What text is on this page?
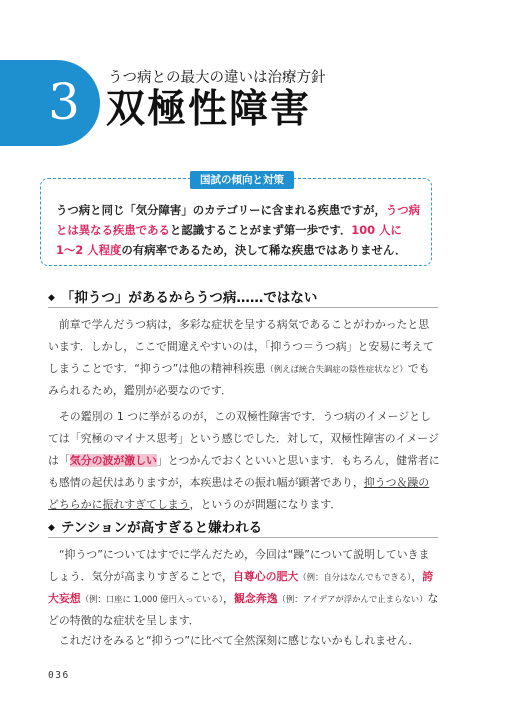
3	うつ病との最大の違いは治療方針
双極性障害
国試の傾向と対策
うつ病と同じ「気分障害」のカテゴリーに含まれる疾患ですが，うつ病とは異なる疾患であると認識することがまず第一歩です．100 人に 1〜2 人程度の有病率であるため，決して稀な疾患ではありません．
◆ 「抑うつ」があるからうつ病……ではない
　前章で学んだうつ病は，多彩な症状を呈する病気であることがわかったと思います．しかし，ここで間違えやすいのは，「抑うつ＝うつ病」と安易に考えてしまうことです．“抑うつ”は他の精神科疾患（例えば統合失調症の陰性症状など）でもみられるため，鑑別が必要なのです．
　その鑑別の 1 つに挙がるのが，この双極性障害です．うつ病のイメージとしては「究極のマイナス思考」という感じでした．対して，双極性障害のイメージは「気分の波が激しい」とつかんでおくといいと思います．もちろん，健常者にも感情の起伏はありますが，本疾患はその振れ幅が顕著であり，抑うつ＆躁のどちらかに振れすぎてしまう，というのが問題になります．
◆ テンションが高すぎると嫌われる
　“抑うつ”についてはすでに学んだため，今回は“躁”について説明していきましょう．気分が高まりすぎることで，自尊心の肥大（例：自分はなんでもできる），誇大妄想（例：口座に 1,000 億円入っている），観念奔逸（例：アイデアが浮かんで止まらない）などの特徴的な症状を呈します．
　これだけをみると“抑うつ”に比べて全然深刻に感じないかもしれません．
036
